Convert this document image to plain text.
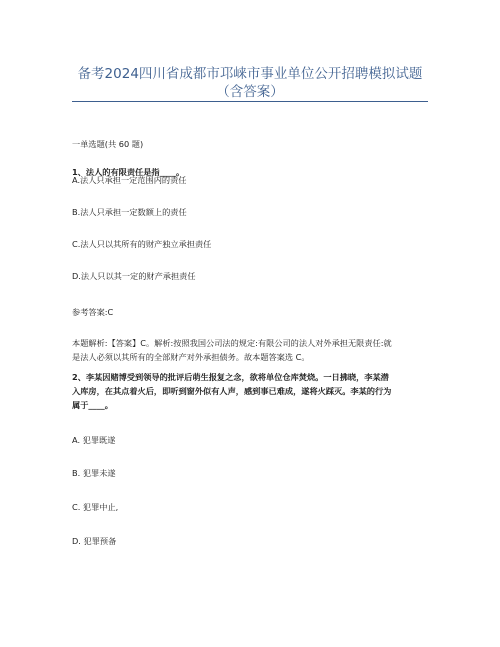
备考2024四川省成都市邛崃市事业单位公开招聘模拟试题
（含答案）
一单选题(共 60 题)
1、法人的有限责任是指____。
A.法人只承担一定范围内的责任
B.法人只承担一定数额上的责任
C.法人只以其所有的财产独立承担责任
D.法人只以其一定的财产承担责任
参考答案:C
本题解析:【答案】C。解析:按照我国公司法的规定:有限公司的法人对外承担无限责任:就
是法人必须以其所有的全部财产对外承担债务。故本题答案选 C。
2、李某因赌博受到领导的批评后萌生报复之念，欲将单位仓库焚烧。一日拂晓，李某潜
入库房，在其点着火后，即听到窗外似有人声，感到事已难成，遂将火踩灭。李某的行为
属于____。
A. 犯罪既遂
B. 犯罪未遂
C. 犯罪中止,
D. 犯罪预备
